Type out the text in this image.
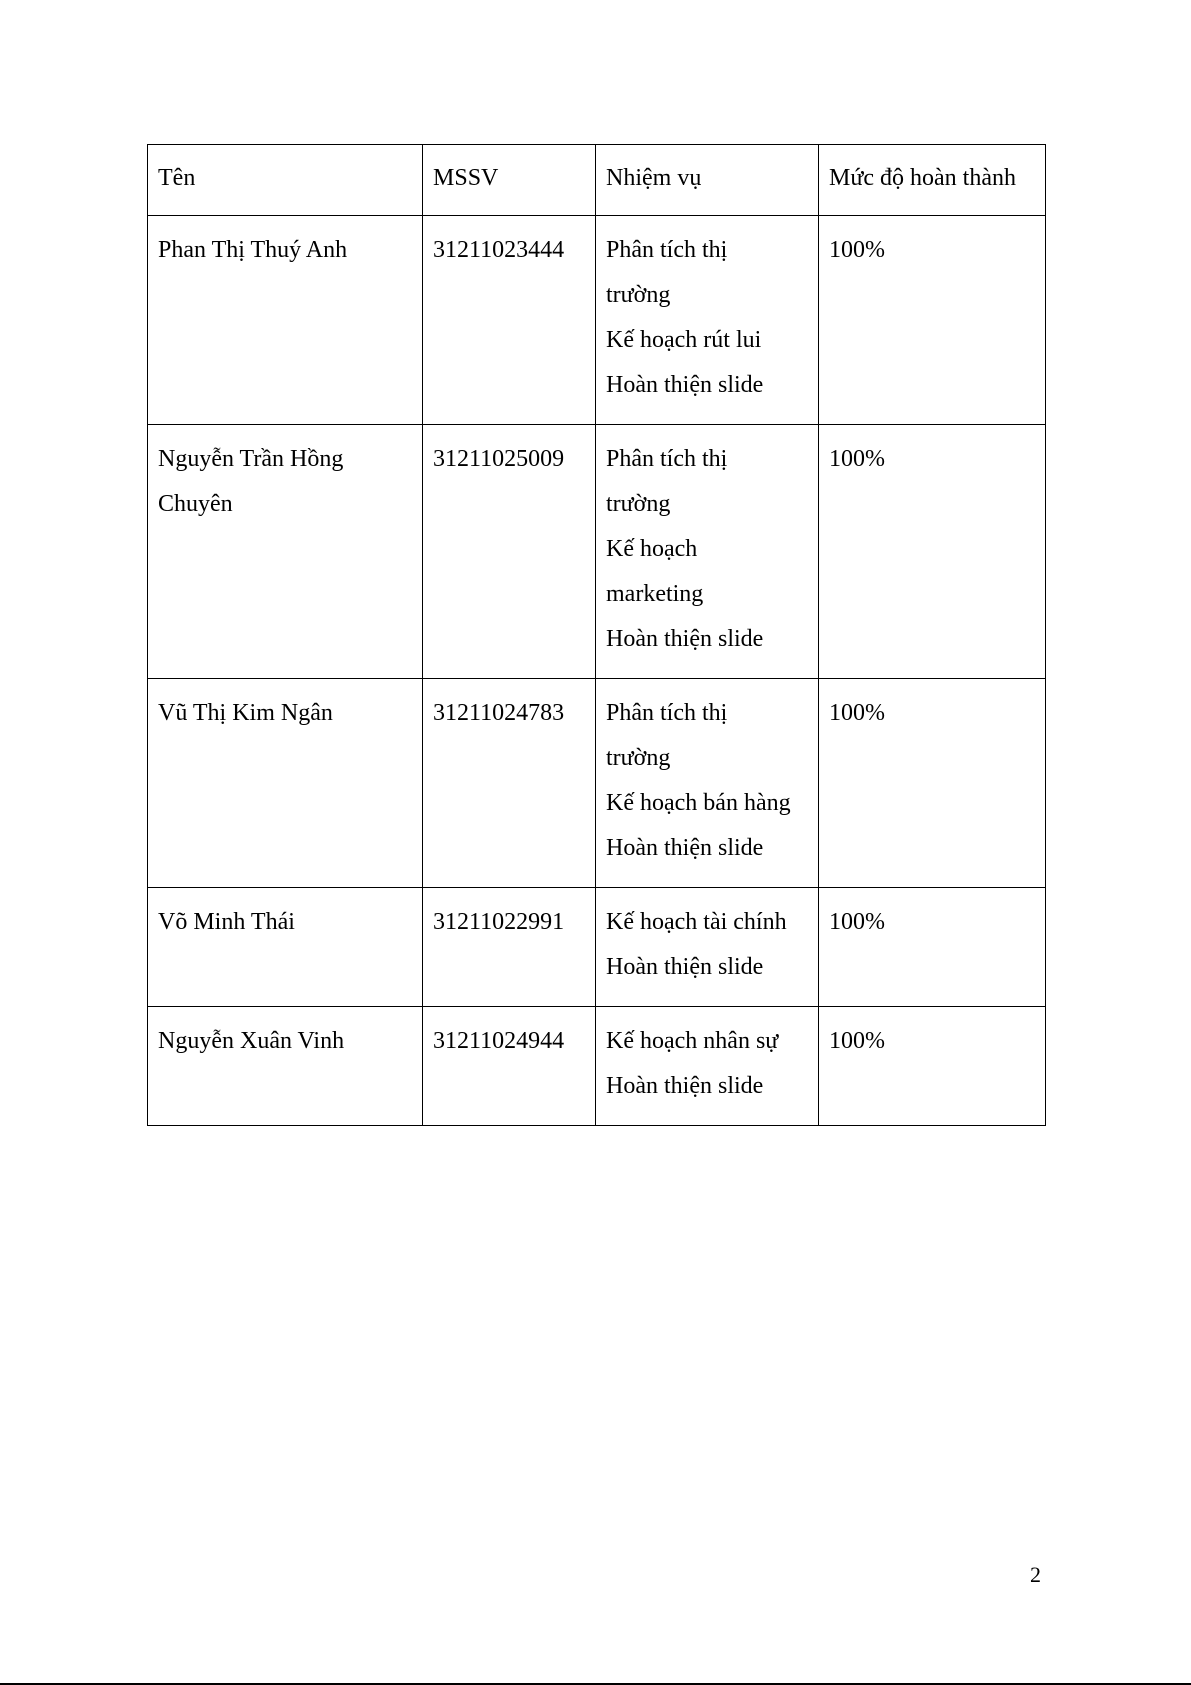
Tên	MSSV	Nhiệm vụ	Mức độ hoàn thành
Phan Thị Thuý Anh	31211023444	Phân tích thị
trường
Kế hoạch rút lui
Hoàn thiện slide	100%
Nguyễn Trần Hồng Chuyên	31211025009	Phân tích thị
trường
Kế hoạch
marketing
Hoàn thiện slide	100%
Vũ Thị Kim Ngân	31211024783	Phân tích thị
trường
Kế hoạch bán hàng
Hoàn thiện slide	100%
Võ Minh Thái	31211022991	Kế hoạch tài chính
Hoàn thiện slide	100%
Nguyễn Xuân Vinh	31211024944	Kế hoạch nhân sự
Hoàn thiện slide	100%
2
